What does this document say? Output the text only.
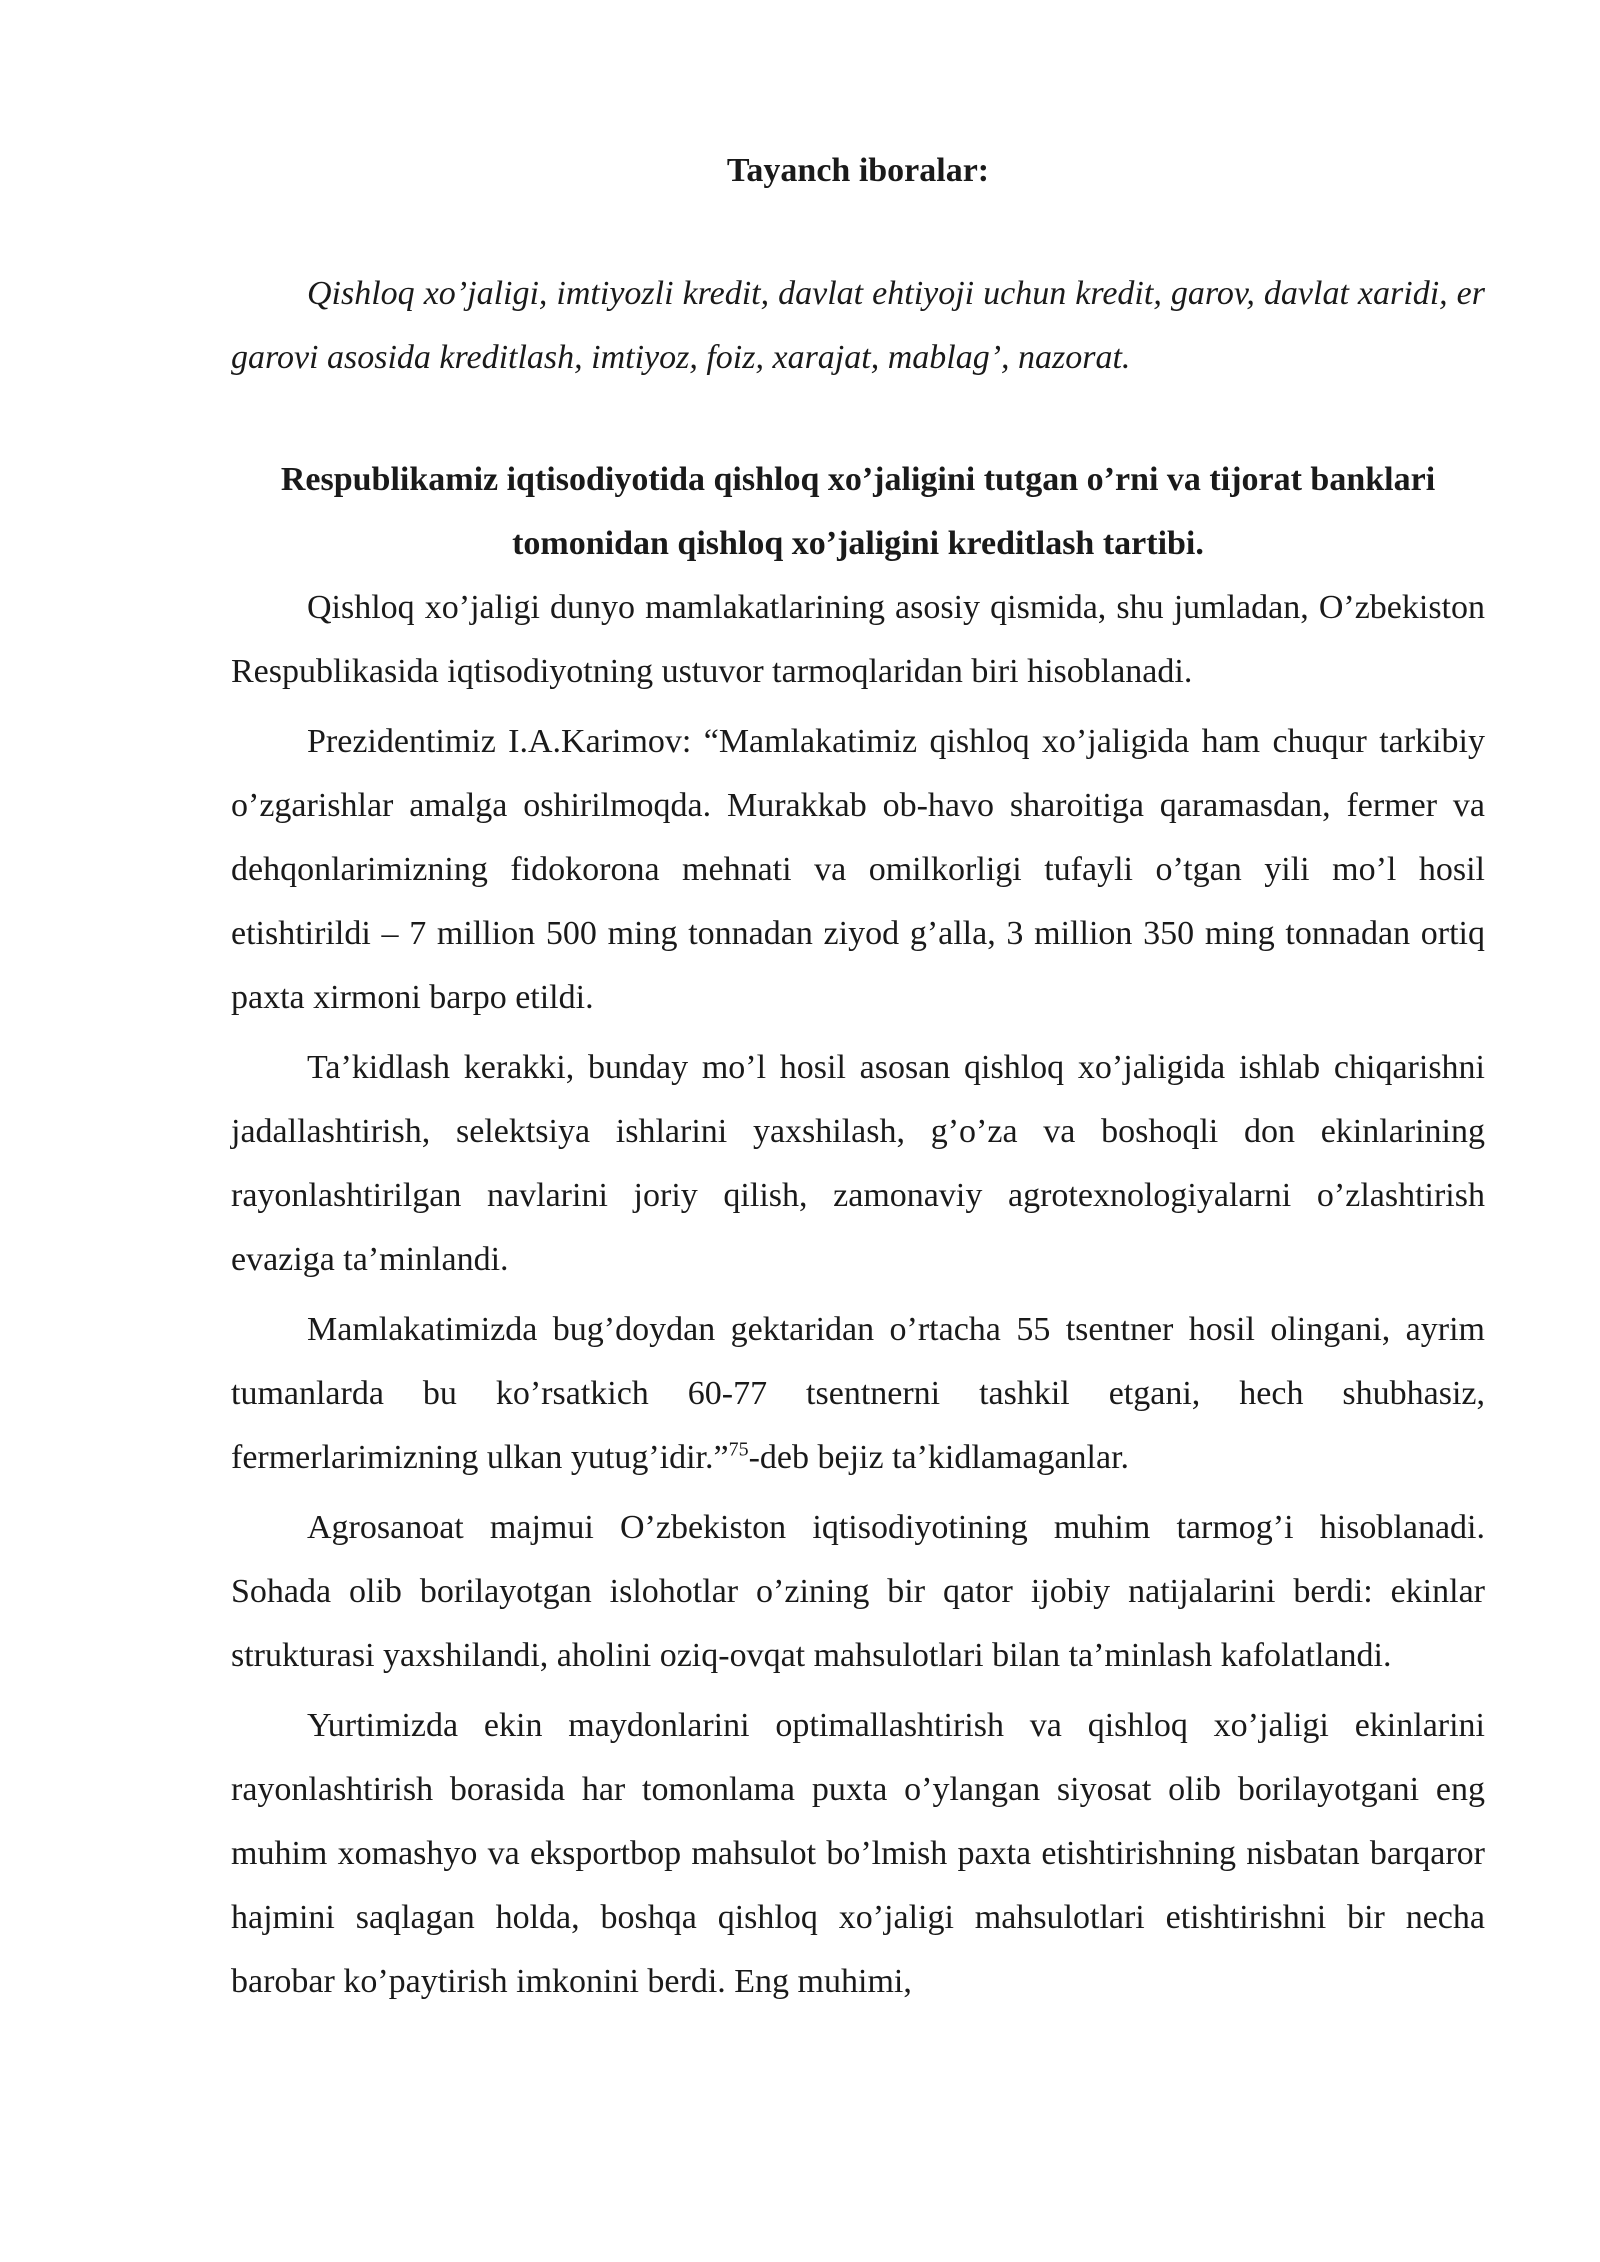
Tayanch iboralar:

Qishloq xo’jaligi, imtiyozli kredit, davlat ehtiyoji uchun kredit, garov, davlat xaridi, er garovi asosida kreditlash, imtiyoz, foiz, xarajat, mablag’, nazorat.

Respublikamiz iqtisodiyotida qishloq xo’jaligini tutgan o’rni va tijorat banklari

tomonidan qishloq xo’jaligini kreditlash tartibi.

Qishloq xo’jaligi dunyo mamlakatlarining asosiy qismida, shu jumladan, O’zbekiston Respublikasida iqtisodiyotning ustuvor tarmoqlaridan biri hisoblanadi.

Prezidentimiz I.A.Karimov: “Mamlakatimiz qishloq xo’jaligida ham chuqur tarkibiy o’zgarishlar amalga oshirilmoqda. Murakkab ob-havo sharoitiga qaramasdan, fermer va dehqonlarimizning fidokorona mehnati va omilkorligi tufayli o’tgan yili mo’l hosil etishtirildi – 7 million 500 ming tonnadan ziyod g’alla, 3 million 350 ming tonnadan ortiq paxta xirmoni barpo etildi.

Ta’kidlash kerakki, bunday mo’l hosil asosan qishloq xo’jaligida ishlab chiqarishni jadallashtirish, selektsiya ishlarini yaxshilash, g’o’za va boshoqli don ekinlarining rayonlashtirilgan navlarini joriy qilish, zamonaviy agrotexnologiyalarni o’zlashtirish evaziga ta’minlandi.

Mamlakatimizda bug’doydan gektaridan o’rtacha 55 tsentner hosil olingani, ayrim tumanlarda bu ko’rsatkich 60-77 tsentnerni tashkil etgani, hech shubhasiz, fermerlarimizning ulkan yutug’idir.”$^{75}$-deb bejiz ta’kidlamaganlar.

Agrosanoat majmui O’zbekiston iqtisodiyotining muhim tarmog’i hisoblanadi. Sohada olib borilayotgan islohotlar o’zining bir qator ijobiy natijalarini berdi: ekinlar strukturasi yaxshilandi, aholini oziq-ovqat mahsulotlari bilan ta’minlash kafolatlandi.

Yurtimizda ekin maydonlarini optimallashtirish va qishloq xo’jaligi ekinlarini rayonlashtirish borasida har tomonlama puxta o’ylangan siyosat olib borilayotgani eng muhim xomashyo va eksportbop mahsulot bo’lmish paxta etishtirishning nisbatan barqaror hajmini saqlagan holda, boshqa qishloq xo’jaligi mahsulotlari etishtirishni bir necha barobar ko’paytirish imkonini berdi. Eng muhimi,
